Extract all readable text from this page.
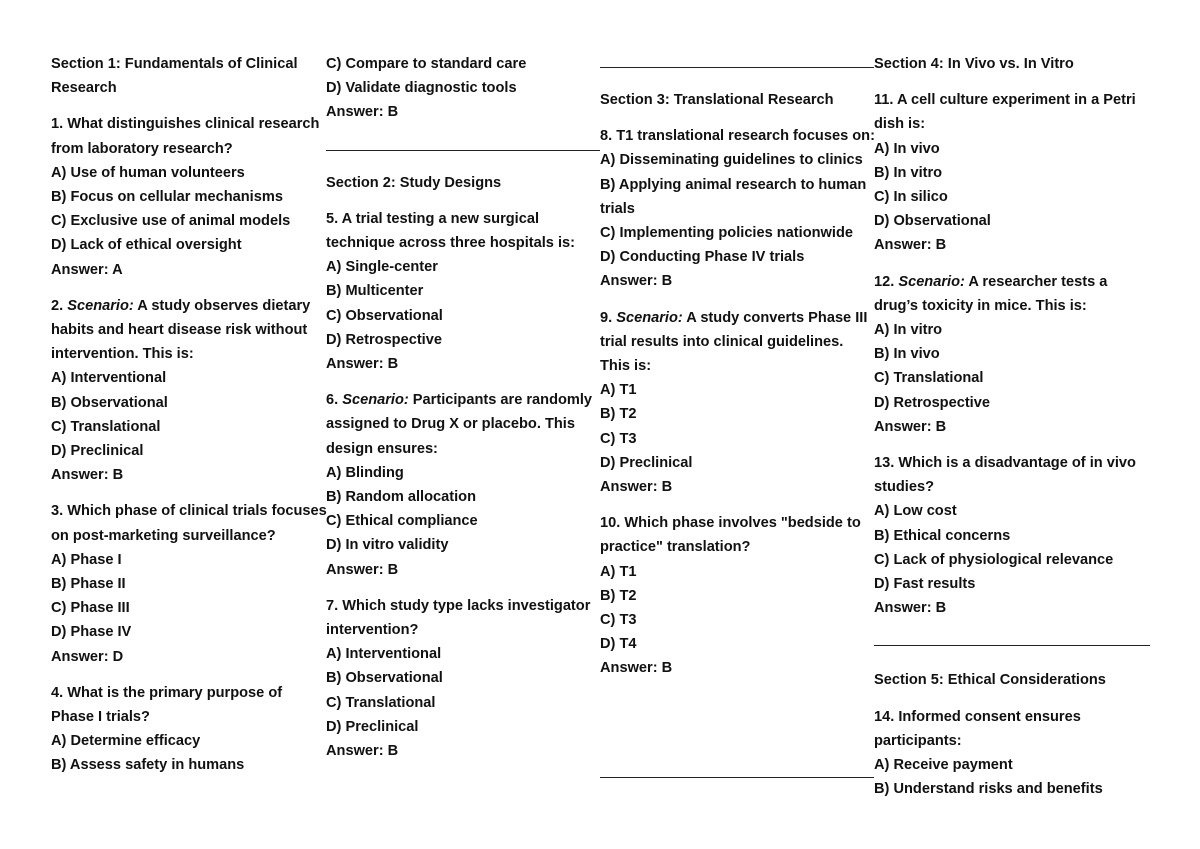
Section 1: Fundamentals of Clinical Research
1. What distinguishes clinical research from laboratory research?
A) Use of human volunteers
B) Focus on cellular mechanisms
C) Exclusive use of animal models
D) Lack of ethical oversight
Answer: A
2. Scenario: A study observes dietary habits and heart disease risk without intervention. This is:
A) Interventional
B) Observational
C) Translational
D) Preclinical
Answer: B
3. Which phase of clinical trials focuses on post-marketing surveillance?
A) Phase I
B) Phase II
C) Phase III
D) Phase IV
Answer: D
4. What is the primary purpose of Phase I trials?
A) Determine efficacy
B) Assess safety in humans
C) Compare to standard care
D) Validate diagnostic tools
Answer: B
Section 2: Study Designs
5. A trial testing a new surgical technique across three hospitals is:
A) Single-center
B) Multicenter
C) Observational
D) Retrospective
Answer: B
6. Scenario: Participants are randomly assigned to Drug X or placebo. This design ensures:
A) Blinding
B) Random allocation
C) Ethical compliance
D) In vitro validity
Answer: B
7. Which study type lacks investigator intervention?
A) Interventional
B) Observational
C) Translational
D) Preclinical
Answer: B
Section 3: Translational Research
8. T1 translational research focuses on:
A) Disseminating guidelines to clinics
B) Applying animal research to human trials
C) Implementing policies nationwide
D) Conducting Phase IV trials
Answer: B
9. Scenario: A study converts Phase III trial results into clinical guidelines. This is:
A) T1
B) T2
C) T3
D) Preclinical
Answer: B
10. Which phase involves "bedside to practice" translation?
A) T1
B) T2
C) T3
D) T4
Answer: B
Section 4: In Vivo vs. In Vitro
11. A cell culture experiment in a Petri dish is:
A) In vivo
B) In vitro
C) In silico
D) Observational
Answer: B
12. Scenario: A researcher tests a drug’s toxicity in mice. This is:
A) In vitro
B) In vivo
C) Translational
D) Retrospective
Answer: B
13. Which is a disadvantage of in vivo studies?
A) Low cost
B) Ethical concerns
C) Lack of physiological relevance
D) Fast results
Answer: B
Section 5: Ethical Considerations
14. Informed consent ensures participants:
A) Receive payment
B) Understand risks and benefits
